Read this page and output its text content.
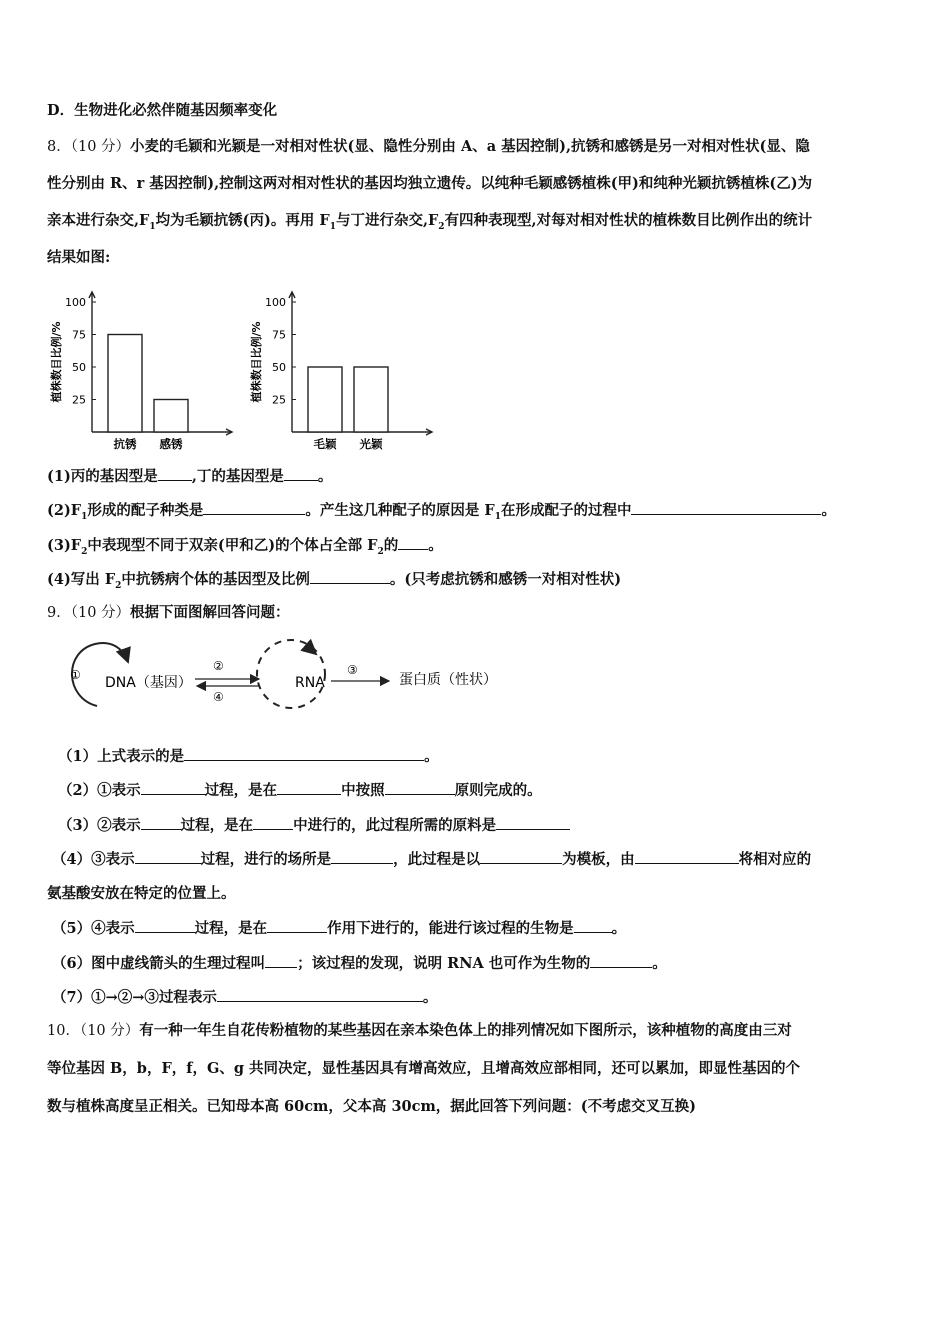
D．生物进化必然伴随基因频率变化
8．（10 分）小麦的毛颖和光颖是一对相对性状(显、隐性分别由 A、a 基因控制),抗锈和感锈是另一对相对性状(显、隐
性分别由 R、r 基因控制),控制这两对相对性状的基因均独立遗传。以纯种毛颖感锈植株(甲)和纯种光颖抗锈植株(乙)为
亲本进行杂交$,F_1$均为毛颖抗锈(丙)。再用 $F_1$与丁进行杂交$,F_2$有四种表现型,对每对相对性状的植株数目比例作出的统计
结果如图:
25
50
75
100
植株数目比例/%
抗锈 感锈
25
50
75
100
植株数目比例/%
毛颖 光颖
(1)丙的基因型是 ,丁的基因型是 。
$(2)F_1$形成的配子种类是	。产生这几种配子的原因是 $F_1$在形成配子的过程中	。
$(3)F_2$中表现型不同于双亲(甲和乙)的个体占全部 $F_2$的 。
(4)写出 $F_2$中抗锈病个体的基因型及比例	。(只考虑抗锈和感锈一对相对性状)
9．（10 分）根据下面图解回答问题：
① DNA（基因）
②
④
RNA
③
蛋白质（性状）
（1）上式表示的是	。
（2）①表示	过程，是在	中按照	原则完成的。
（3）②表示	过程，是在	中进行的，此过程所需的原料是
（4）③表示	过程，进行的场所是	，此过程是以	为模板，由	将相对应的
氨基酸安放在特定的位置上。
（5）④表示	过程，是在	作用下进行的，能进行该过程的生物是	。
（6）图中虚线箭头的生理过程叫 ；该过程的发现，说明 RNA 也可作为生物的	。
（7）①→②→③过程表示	。
10．（10 分）有一种一年生自花传粉植物的某些基因在亲本染色体上的排列情况如下图所示，该种植物的高度由三对
等位基因 B，b，F，f，G、g 共同决定，显性基因具有增高效应，且增高效应部相同，还可以累加，即显性基因的个
数与植株高度呈正相关。已知母本高 60cm，父本高 30cm，据此回答下列问题：(不考虑交叉互换)
